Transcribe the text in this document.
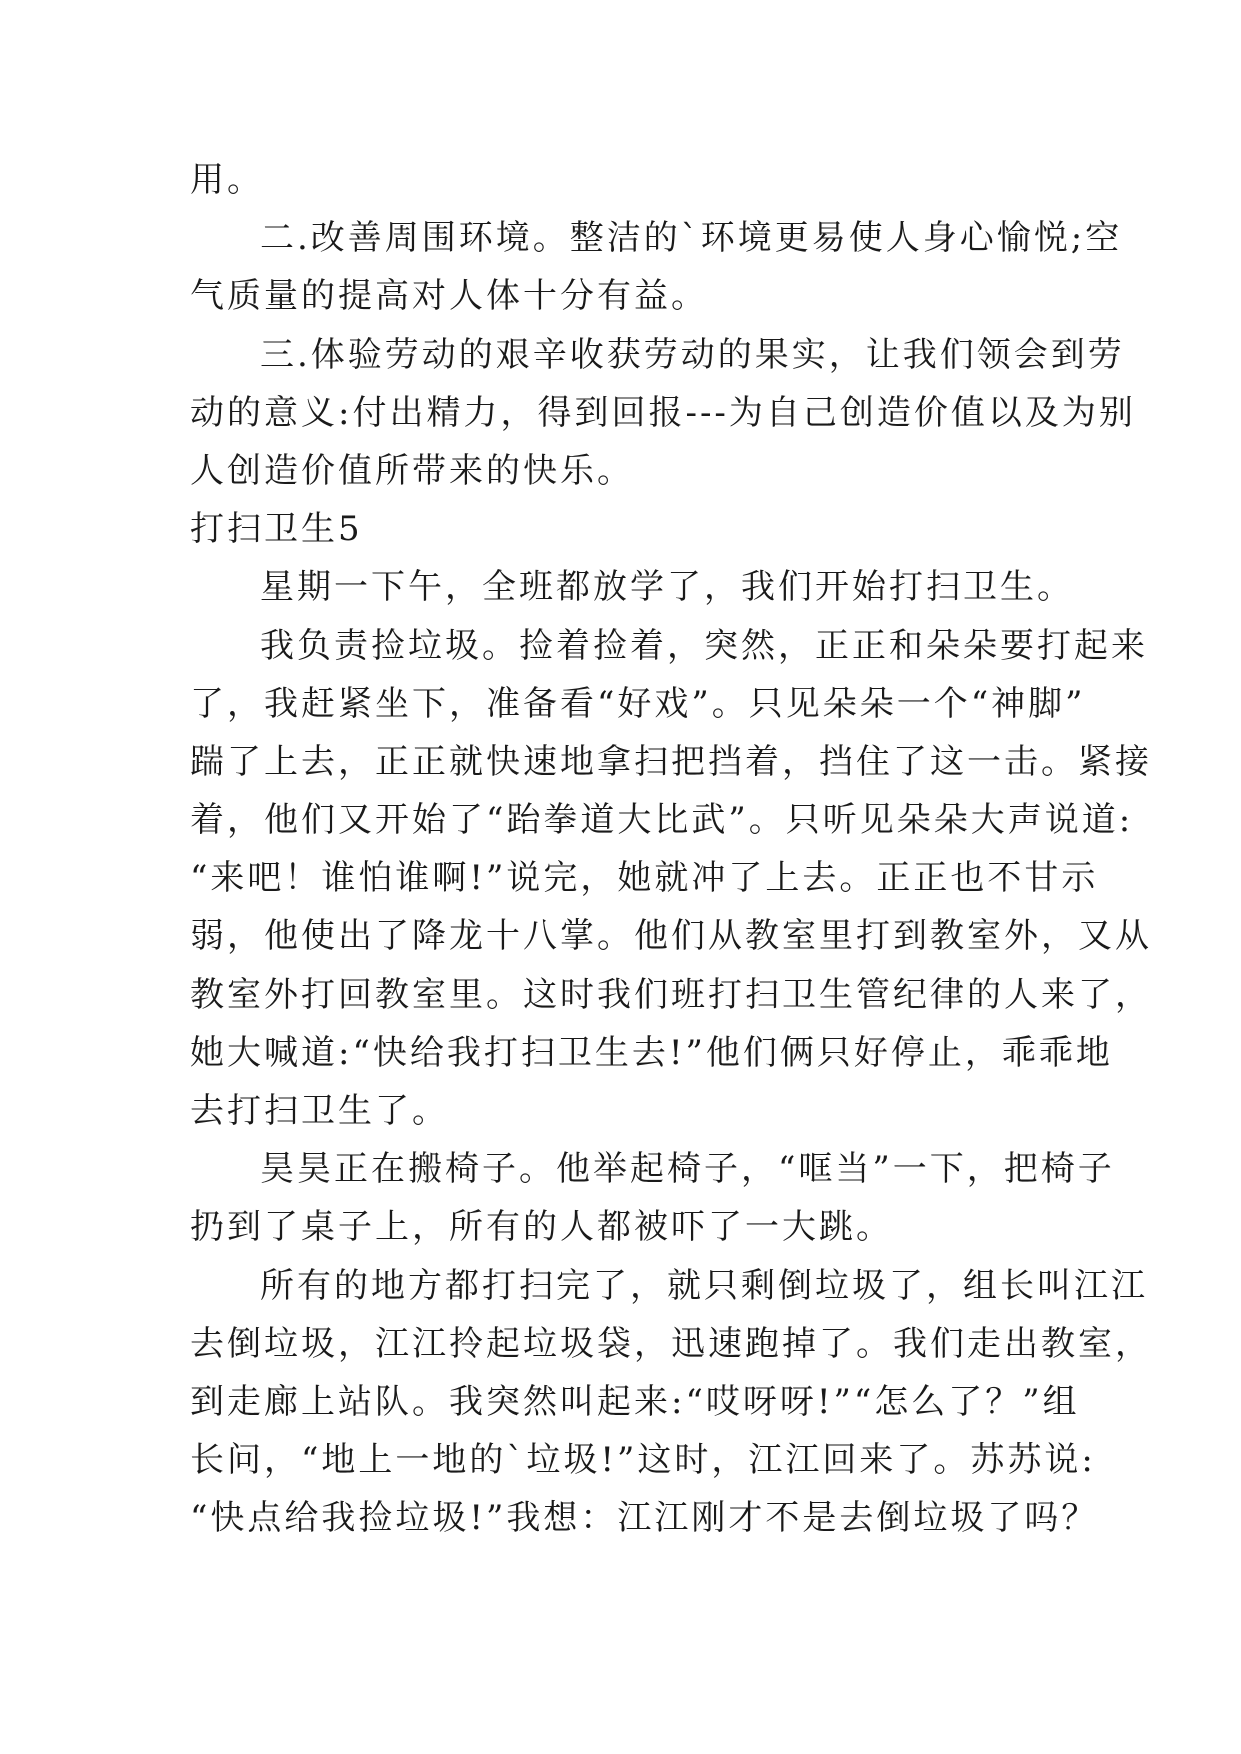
用。
二.改善周围环境。整洁的`环境更易使人身心愉悦;空
气质量的提高对人体十分有益。
三.体验劳动的艰辛收获劳动的果实，让我们领会到劳
动的意义:付出精力，得到回报---为自己创造价值以及为别
人创造价值所带来的快乐。
打扫卫生5
星期一下午，全班都放学了，我们开始打扫卫生。
我负责捡垃圾。捡着捡着，突然，正正和朵朵要打起来
了，我赶紧坐下，准备看“好戏”。只见朵朵一个“神脚”
踹了上去，正正就快速地拿扫把挡着，挡住了这一击。紧接
着，他们又开始了“跆拳道大比武”。只听见朵朵大声说道:
“来吧！谁怕谁啊!”说完，她就冲了上去。正正也不甘示
弱，他使出了降龙十八掌。他们从教室里打到教室外，又从
教室外打回教室里。这时我们班打扫卫生管纪律的人来了，
她大喊道:“快给我打扫卫生去!”他们俩只好停止，乖乖地
去打扫卫生了。
昊昊正在搬椅子。他举起椅子，“哐当”一下，把椅子
扔到了桌子上，所有的人都被吓了一大跳。
所有的地方都打扫完了，就只剩倒垃圾了，组长叫江江
去倒垃圾，江江拎起垃圾袋，迅速跑掉了。我们走出教室，
到走廊上站队。我突然叫起来:“哎呀呀!”“怎么了？”组
长问，“地上一地的`垃圾!”这时，江江回来了。苏苏说:
“快点给我捡垃圾!”我想：江江刚才不是去倒垃圾了吗？
